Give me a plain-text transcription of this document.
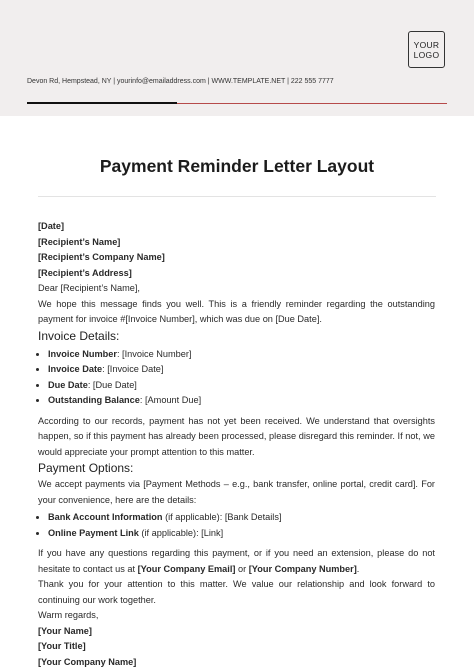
YOUR
LOGO
Devon Rd, Hempstead, NY | yourinfo@emailaddress.com | WWW.TEMPLATE.NET | 222 555 7777
Payment Reminder Letter Layout

[Date]

[Recipient’s Name]

[Recipient’s Company Name]

[Recipient’s Address]

Dear [Recipient’s Name],

We hope this message finds you well. This is a friendly reminder regarding the outstanding payment for invoice #[Invoice Number], which was due on [Due Date].

Invoice Details:

• Invoice Number: [Invoice Number]
• Invoice Date: [Invoice Date]
• Due Date: [Due Date]
• Outstanding Balance: [Amount Due]

According to our records, payment has not yet been received. We understand that oversights happen, so if this payment has already been processed, please disregard this reminder. If not, we would appreciate your prompt attention to this matter.

Payment Options:

We accept payments via [Payment Methods – e.g., bank transfer, online portal, credit card]. For your convenience, here are the details:

• Bank Account Information (if applicable): [Bank Details]
• Online Payment Link (if applicable): [Link]

If you have any questions regarding this payment, or if you need an extension, please do not hesitate to contact us at [Your Company Email] or [Your Company Number].

Thank you for your attention to this matter. We value our relationship and look forward to continuing our work together.

Warm regards,

[Your Name]

[Your Title]

[Your Company Name]
